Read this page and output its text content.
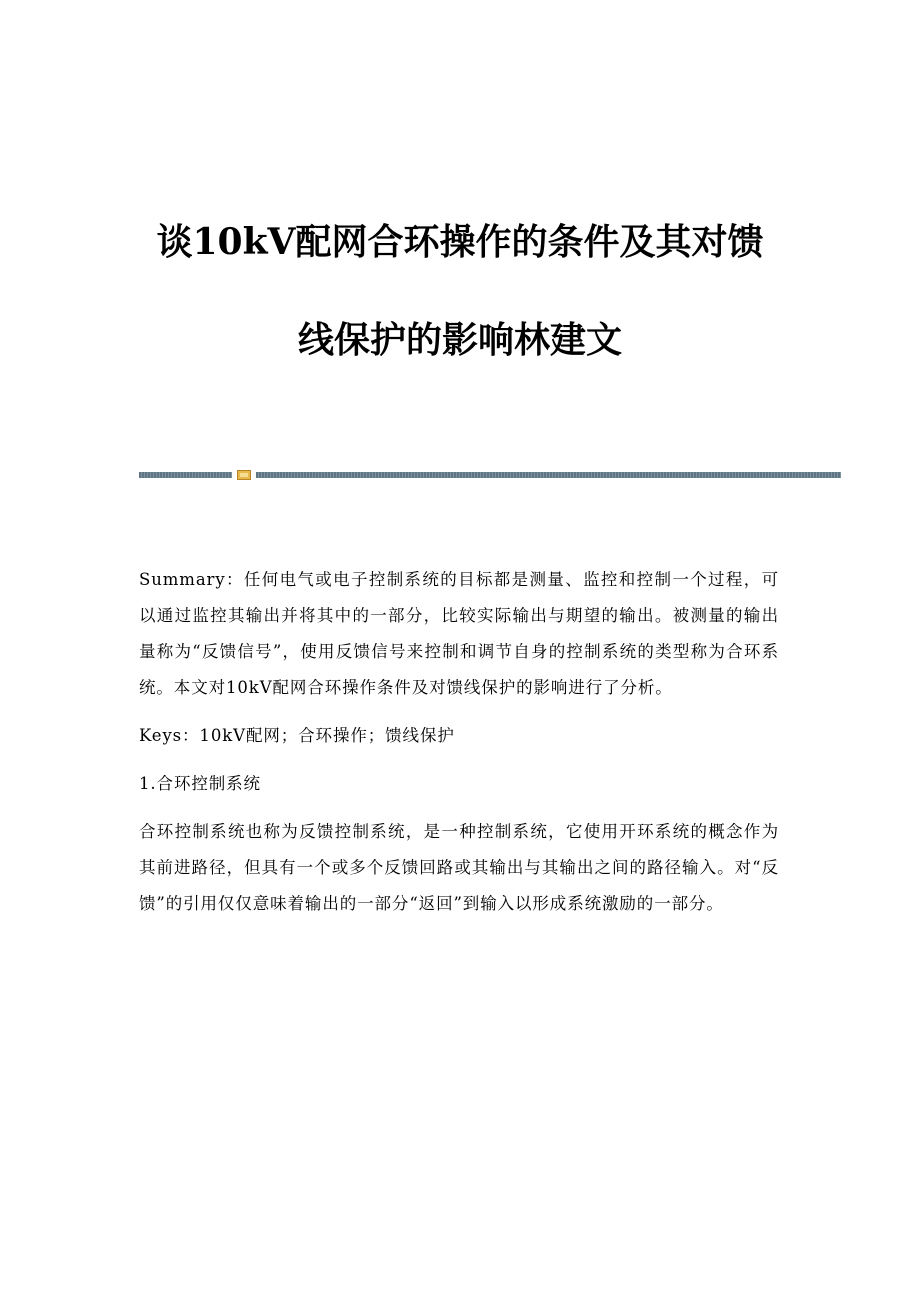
谈10kV配网合环操作的条件及其对馈
线保护的影响林建文

Summary：任何电气或电子控制系统的目标都是测量、监控和控制一个过程，可以通过监控其输出并将其中的一部分，比较实际输出与期望的输出。被测量的输出量称为“反馈信号”，使用反馈信号来控制和调节自身的控制系统的类型称为合环系统。本文对10kV配网合环操作条件及对馈线保护的影响进行了分析。

Keys：10kV配网；合环操作；馈线保护

1.合环控制系统

合环控制系统也称为反馈控制系统，是一种控制系统，它使用开环系统的概念作为其前进路径，但具有一个或多个反馈回路或其输出与其输出之间的路径输入。对“反馈”的引用仅仅意味着输出的一部分“返回”到输入以形成系统激励的一部分。
